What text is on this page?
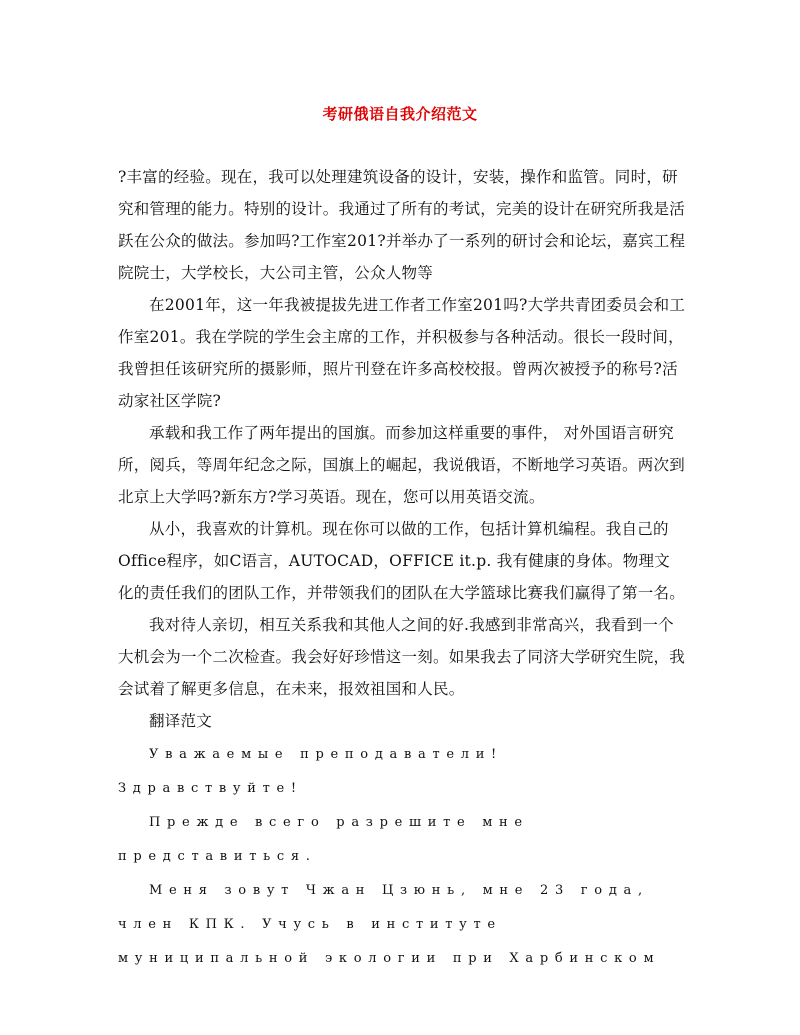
考研俄语自我介绍范文
?丰富的经验。现在，我可以处理建筑设备的设计，安装，操作和监管。同时，研
究和管理的能力。特别的设计。我通过了所有的考试，完美的设计在研究所我是活
跃在公众的做法。参加吗?工作室201?并举办了一系列的研讨会和论坛，嘉宾工程
院院士，大学校长，大公司主管，公众人物等
在2001年，这一年我被提拔先进工作者工作室201吗?大学共青团委员会和工
作室201。我在学院的学生会主席的工作，并积极参与各种活动。很长一段时间，
我曾担任该研究所的摄影师，照片刊登在许多高校校报。曾两次被授予的称号?活
动家社区学院?
承载和我工作了两年提出的国旗。而参加这样重要的事件， 对外国语言研究
所，阅兵，等周年纪念之际，国旗上的崛起，我说俄语，不断地学习英语。两次到
北京上大学吗?新东方?学习英语。现在，您可以用英语交流。
从小，我喜欢的计算机。现在你可以做的工作，包括计算机编程。我自己的
Office程序，如C语言，AUTOCAD，OFFICE it.p. 我有健康的身体。物理文
化的责任我们的团队工作，并带领我们的团队在大学篮球比赛我们赢得了第一名。
我对待人亲切，相互关系我和其他人之间的好.我感到非常高兴，我看到一个
大机会为一个二次检查。我会好好珍惜这一刻。如果我去了同济大学研究生院，我
会试着了解更多信息，在未来，报效祖国和人民。
翻译范文
Уважаемые преподаватели!
Здравствуйте!
Прежде всего разрешите мне
представиться.
Меня зовут Чжан Цзюнь, мне 23 года,
член КПК. Учусь в институте
муниципальной экологии при Харбинском
